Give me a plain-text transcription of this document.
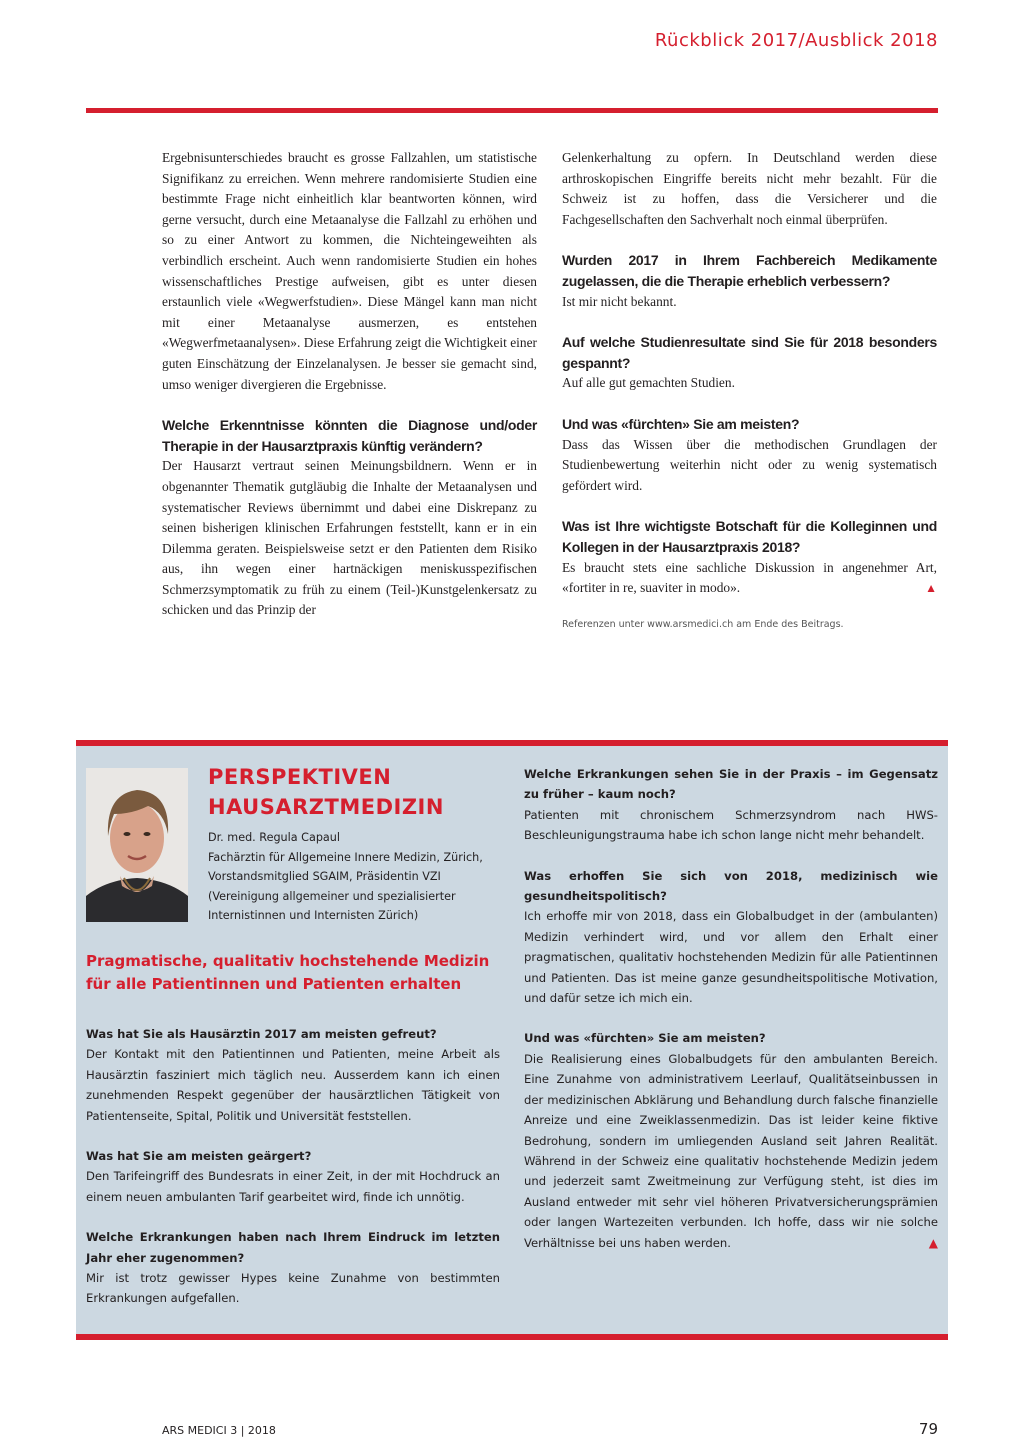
Rückblick 2017/Ausblick 2018

Ergebnisunterschiedes braucht es grosse Fallzahlen, um statistische Signifikanz zu erreichen. Wenn mehrere randomisierte Studien eine bestimmte Frage nicht einheitlich klar beantworten können, wird gerne versucht, durch eine Metaanalyse die Fallzahl zu erhöhen und so zu einer Antwort zu kommen, die Nichteingeweihten als verbindlich erscheint. Auch wenn randomisierte Studien ein hohes wissenschaftliches Prestige aufweisen, gibt es unter diesen erstaunlich viele «Wegwerfstudien». Diese Mängel kann man nicht mit einer Metaanalyse ausmerzen, es entstehen «Wegwerfmetaanalysen». Diese Erfahrung zeigt die Wichtigkeit einer guten Einschätzung der Einzelanalysen. Je besser sie gemacht sind, umso weniger divergieren die Ergebnisse.

Welche Erkenntnisse könnten die Diagnose und/oder Therapie in der Hausarztpraxis künftig verändern?

Der Hausarzt vertraut seinen Meinungsbildnern. Wenn er in obgenannter Thematik gutgläubig die Inhalte der Metaanalysen und systematischer Reviews übernimmt und dabei eine Diskrepanz zu seinen bisherigen klinischen Erfahrungen feststellt, kann er in ein Dilemma geraten. Beispielsweise setzt er den Patienten dem Risiko aus, ihn wegen einer hartnäckigen meniskusspezifischen Schmerzsymptomatik zu früh zu einem (Teil-)Kunstgelenkersatz zu schicken und das Prinzip der

Gelenkerhaltung zu opfern. In Deutschland werden diese arthroskopischen Eingriffe bereits nicht mehr bezahlt. Für die Schweiz ist zu hoffen, dass die Versicherer und die Fachgesellschaften den Sachverhalt noch einmal überprüfen.

Wurden 2017 in Ihrem Fachbereich Medikamente zugelassen, die die Therapie erheblich verbessern?

Ist mir nicht bekannt.

Auf welche Studienresultate sind Sie für 2018 besonders gespannt?

Auf alle gut gemachten Studien.

Und was «fürchten» Sie am meisten?

Dass das Wissen über die methodischen Grundlagen der Studienbewertung weiterhin nicht oder zu wenig systematisch gefördert wird.

Was ist Ihre wichtigste Botschaft für die Kolleginnen und Kollegen in der Hausarztpraxis 2018?

Es braucht stets eine sachliche Diskussion in angenehmer Art, «fortiter in re, suaviter in modo».	▲

Referenzen unter www.arsmedici.ch am Ende des Beitrags.
PERSPEKTIVEN
HAUSARZTMEDIZIN

Dr. med. Regula Capaul

Fachärztin für Allgemeine Innere Medizin, Zürich, Vorstandsmitglied SGAIM, Präsidentin VZI (Vereinigung allgemeiner und spezialisierter Internistinnen und Internisten Zürich)

Pragmatische, qualitativ hochstehende Medizin für alle Patientinnen und Patienten erhalten

Was hat Sie als Hausärztin 2017 am meisten gefreut?

Der Kontakt mit den Patientinnen und Patienten, meine Arbeit als Hausärztin fasziniert mich täglich neu. Ausserdem kann ich einen zunehmenden Respekt gegenüber der hausärztlichen Tätigkeit von Patientenseite, Spital, Politik und Universität feststellen.

Was hat Sie am meisten geärgert?

Den Tarifeingriff des Bundesrats in einer Zeit, in der mit Hochdruck an einem neuen ambulanten Tarif gearbeitet wird, finde ich unnötig.

Welche Erkrankungen haben nach Ihrem Eindruck im letzten Jahr eher zugenommen?

Mir ist trotz gewisser Hypes keine Zunahme von bestimmten Erkrankungen aufgefallen.

Welche Erkrankungen sehen Sie in der Praxis – im Gegensatz zu früher – kaum noch?

Patienten mit chronischem Schmerzsyndrom nach HWS-Beschleunigungstrauma habe ich schon lange nicht mehr behandelt.

Was erhoffen Sie sich von 2018, medizinisch wie gesundheitspolitisch?

Ich erhoffe mir von 2018, dass ein Globalbudget in der (ambulanten) Medizin verhindert wird, und vor allem den Erhalt einer pragmatischen, qualitativ hochstehenden Medizin für alle Patientinnen und Patienten. Das ist meine ganze gesundheitspolitische Motivation, und dafür setze ich mich ein.

Und was «fürchten» Sie am meisten?

Die Realisierung eines Globalbudgets für den ambulanten Bereich. Eine Zunahme von administrativem Leerlauf, Qualitätseinbussen in der medizinischen Abklärung und Behandlung durch falsche finanzielle Anreize und eine Zweiklassenmedizin. Das ist leider keine fiktive Bedrohung, sondern im umliegenden Ausland seit Jahren Realität. Während in der Schweiz eine qualitativ hochstehende Medizin jedem und jederzeit samt Zweitmeinung zur Verfügung steht, ist dies im Ausland entweder mit sehr viel höheren Privatversicherungsprämien oder langen Wartezeiten verbunden. Ich hoffe, dass wir nie solche Verhältnisse bei uns haben werden.	▲

ARS MEDICI 3 | 2018	79
